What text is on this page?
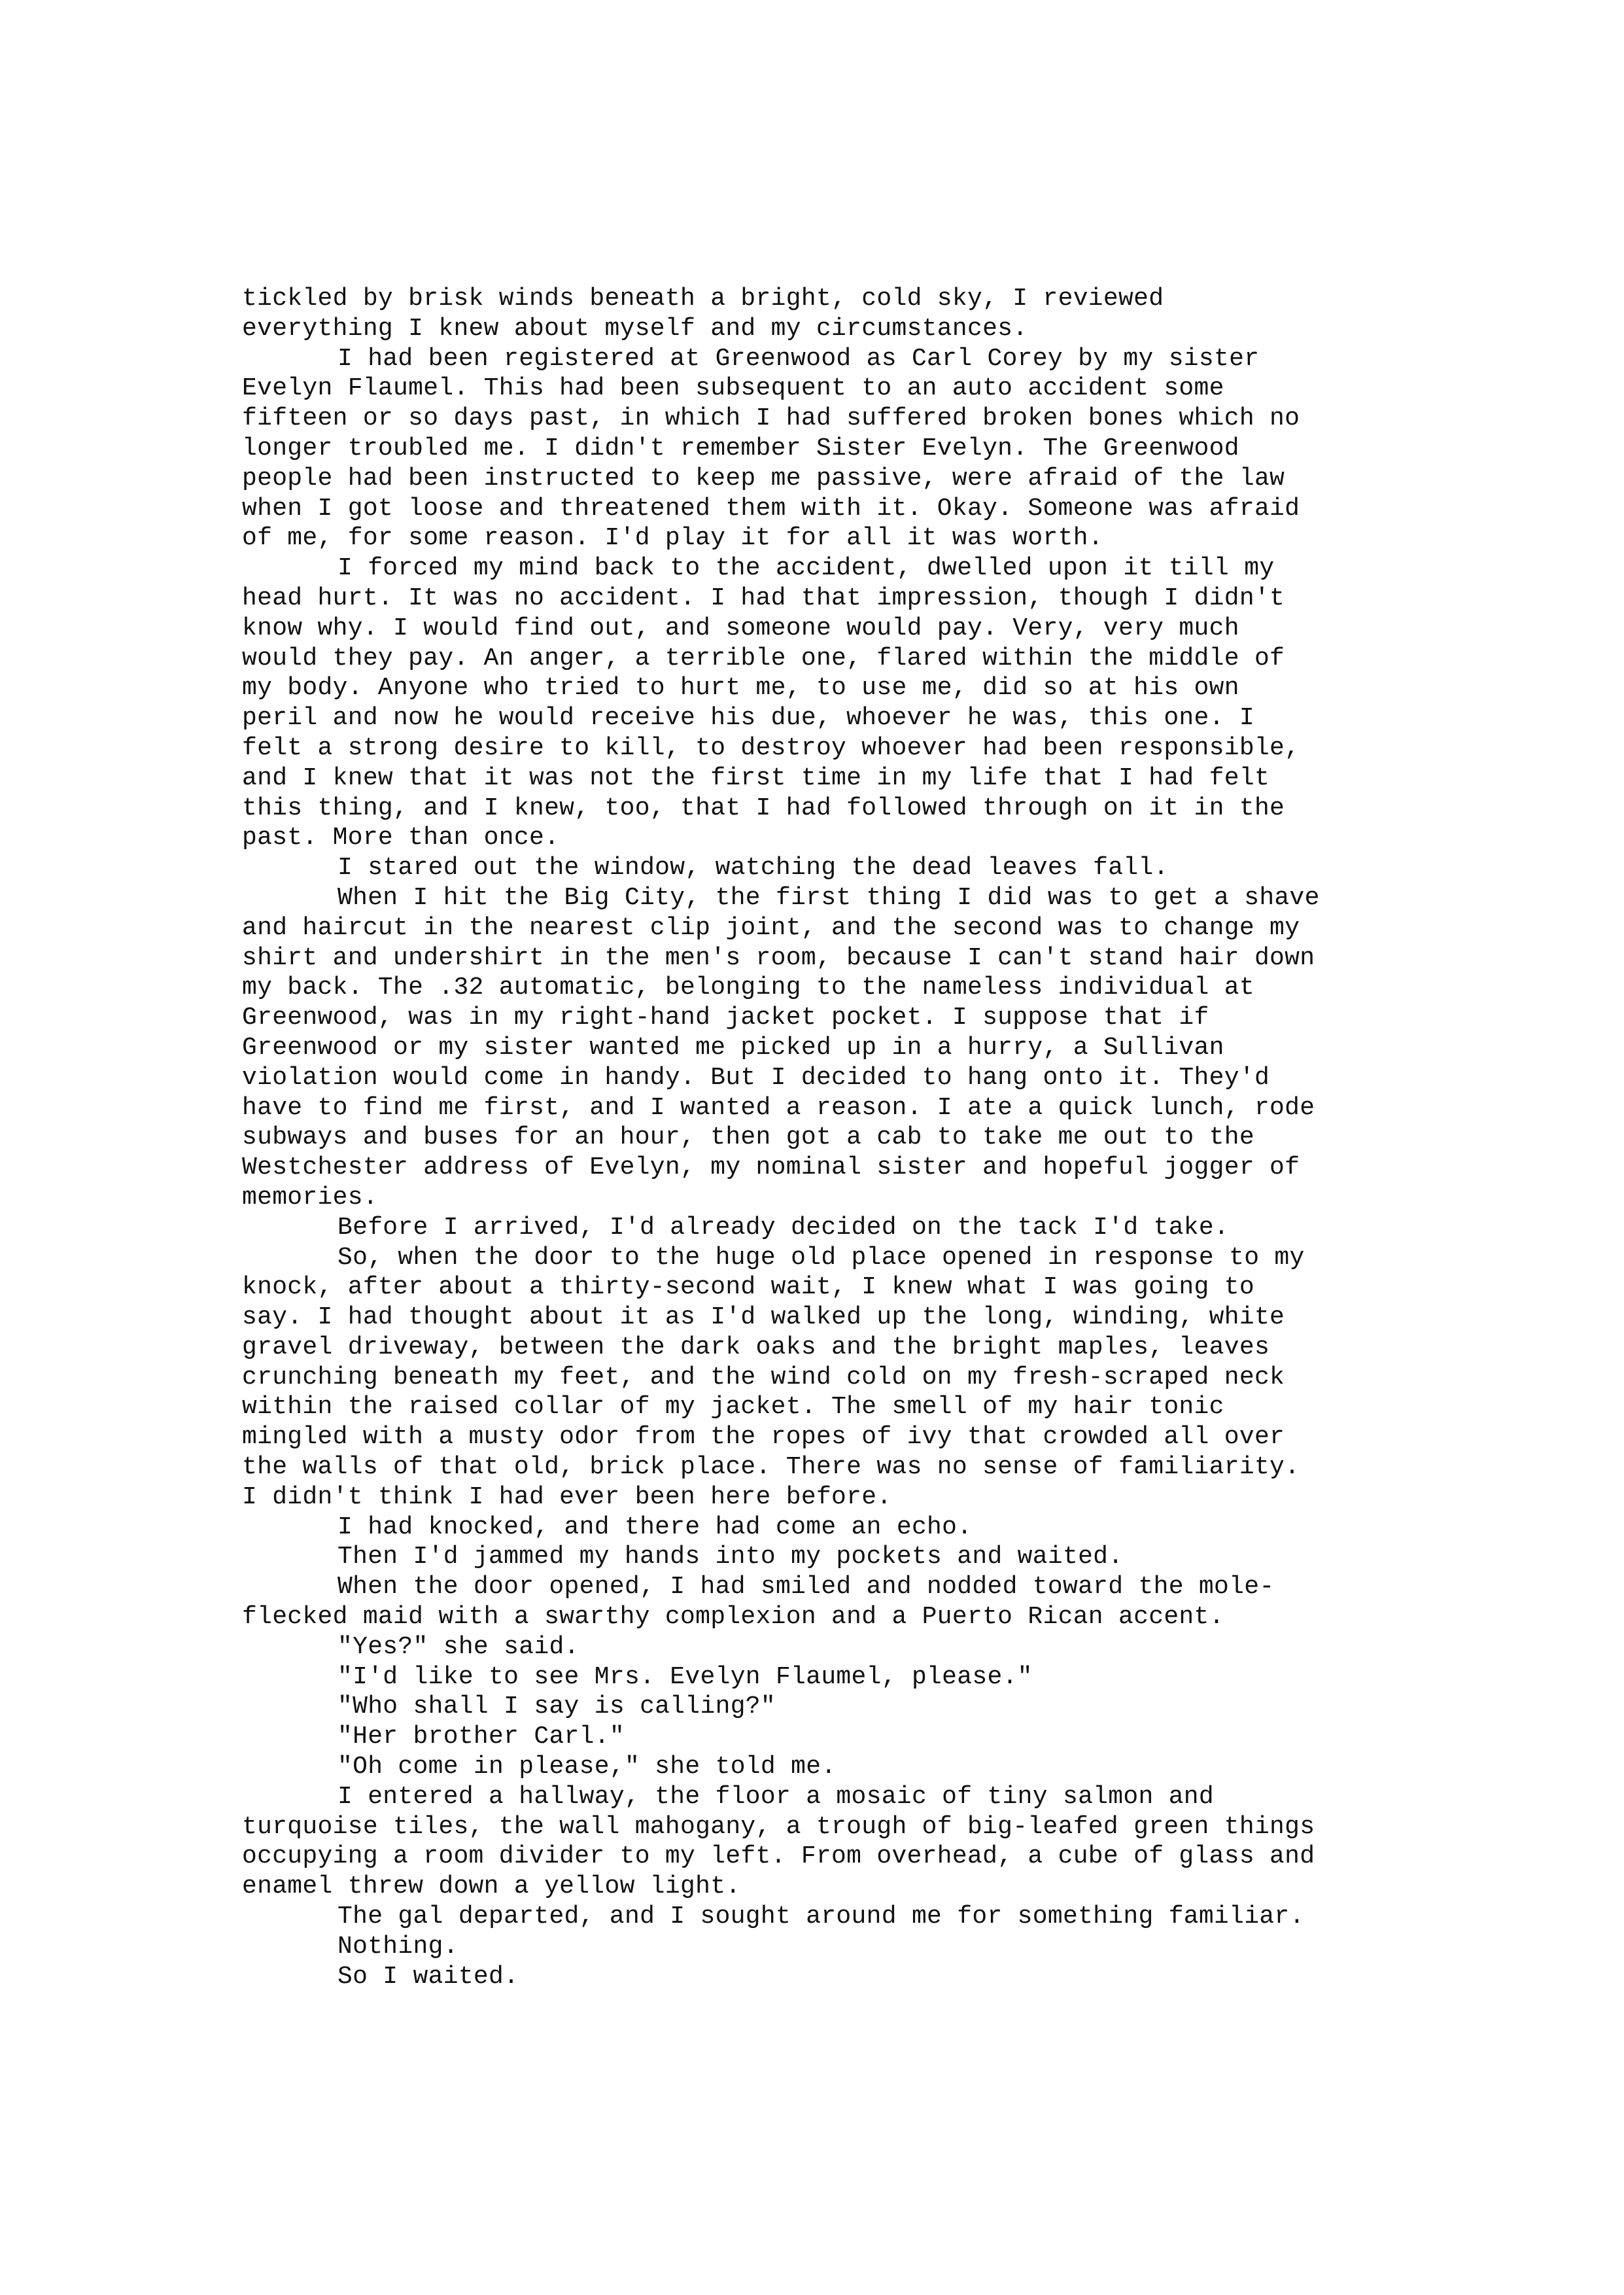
tickled by brisk winds beneath a bright, cold sky, I reviewed
everything I knew about myself and my circumstances.
I had been registered at Greenwood as Carl Corey by my sister
Evelyn Flaumel. This had been subsequent to an auto accident some
fifteen or so days past, in which I had suffered broken bones which no
longer troubled me. I didn't remember Sister Evelyn. The Greenwood
people had been instructed to keep me passive, were afraid of the law
when I got loose and threatened them with it. Okay. Someone was afraid
of me, for some reason. I'd play it for all it was worth.
I forced my mind back to the accident, dwelled upon it till my
head hurt. It was no accident. I had that impression, though I didn't
know why. I would find out, and someone would pay. Very, very much
would they pay. An anger, a terrible one, flared within the middle of
my body. Anyone who tried to hurt me, to use me, did so at his own
peril and now he would receive his due, whoever he was, this one. I
felt a strong desire to kill, to destroy whoever had been responsible,
and I knew that it was not the first time in my life that I had felt
this thing, and I knew, too, that I had followed through on it in the
past. More than once.
I stared out the window, watching the dead leaves fall.
When I hit the Big City, the first thing I did was to get a shave
and haircut in the nearest clip joint, and the second was to change my
shirt and undershirt in the men's room, because I can't stand hair down
my back. The .32 automatic, belonging to the nameless individual at
Greenwood, was in my right-hand jacket pocket. I suppose that if
Greenwood or my sister wanted me picked up in a hurry, a Sullivan
violation would come in handy. But I decided to hang onto it. They'd
have to find me first, and I wanted a reason. I ate a quick lunch, rode
subways and buses for an hour, then got a cab to take me out to the
Westchester address of Evelyn, my nominal sister and hopeful jogger of
memories.
Before I arrived, I'd already decided on the tack I'd take.
So, when the door to the huge old place opened in response to my
knock, after about a thirty-second wait, I knew what I was going to
say. I had thought about it as I'd walked up the long, winding, white
gravel driveway, between the dark oaks and the bright maples, leaves
crunching beneath my feet, and the wind cold on my fresh-scraped neck
within the raised collar of my jacket. The smell of my hair tonic
mingled with a musty odor from the ropes of ivy that crowded all over
the walls of that old, brick place. There was no sense of familiarity.
I didn't think I had ever been here before.
I had knocked, and there had come an echo.
Then I'd jammed my hands into my pockets and waited.
When the door opened, I had smiled and nodded toward the mole-
flecked maid with a swarthy complexion and a Puerto Rican accent.
"Yes?" she said.
"I'd like to see Mrs. Evelyn Flaumel, please."
"Who shall I say is calling?"
"Her brother Carl."
"Oh come in please," she told me.
I entered a hallway, the floor a mosaic of tiny salmon and
turquoise tiles, the wall mahogany, a trough of big-leafed green things
occupying a room divider to my left. From overhead, a cube of glass and
enamel threw down a yellow light.
The gal departed, and I sought around me for something familiar.
Nothing.
So I waited.
